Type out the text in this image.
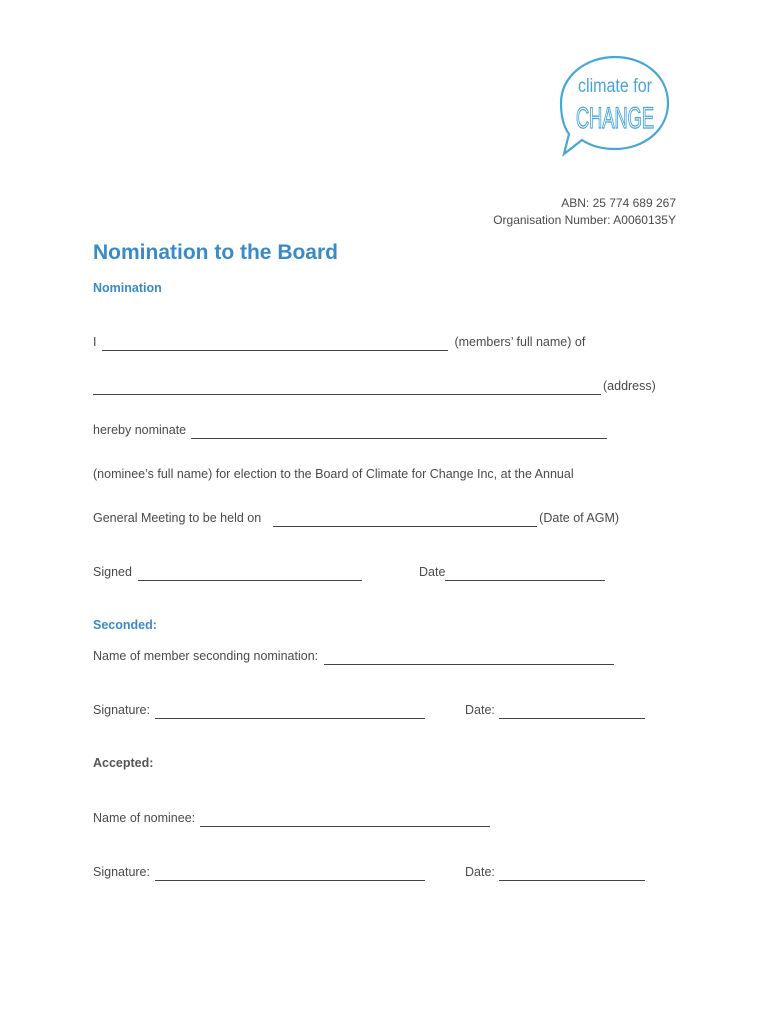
climate for
CHANGE
ABN: 25 774 689 267
Organisation Number: A0060135Y
Nomination to the Board
Nomination
I	(members’ full name) of
(address)
hereby nominate
(nominee’s full name) for election to the Board of Climate for Change Inc, at the Annual
General Meeting to be held on	(Date of AGM)
Signed	Date
Seconded:
Name of member seconding nomination:
Signature:	Date:
Accepted:
Name of nominee:
Signature:	Date:
